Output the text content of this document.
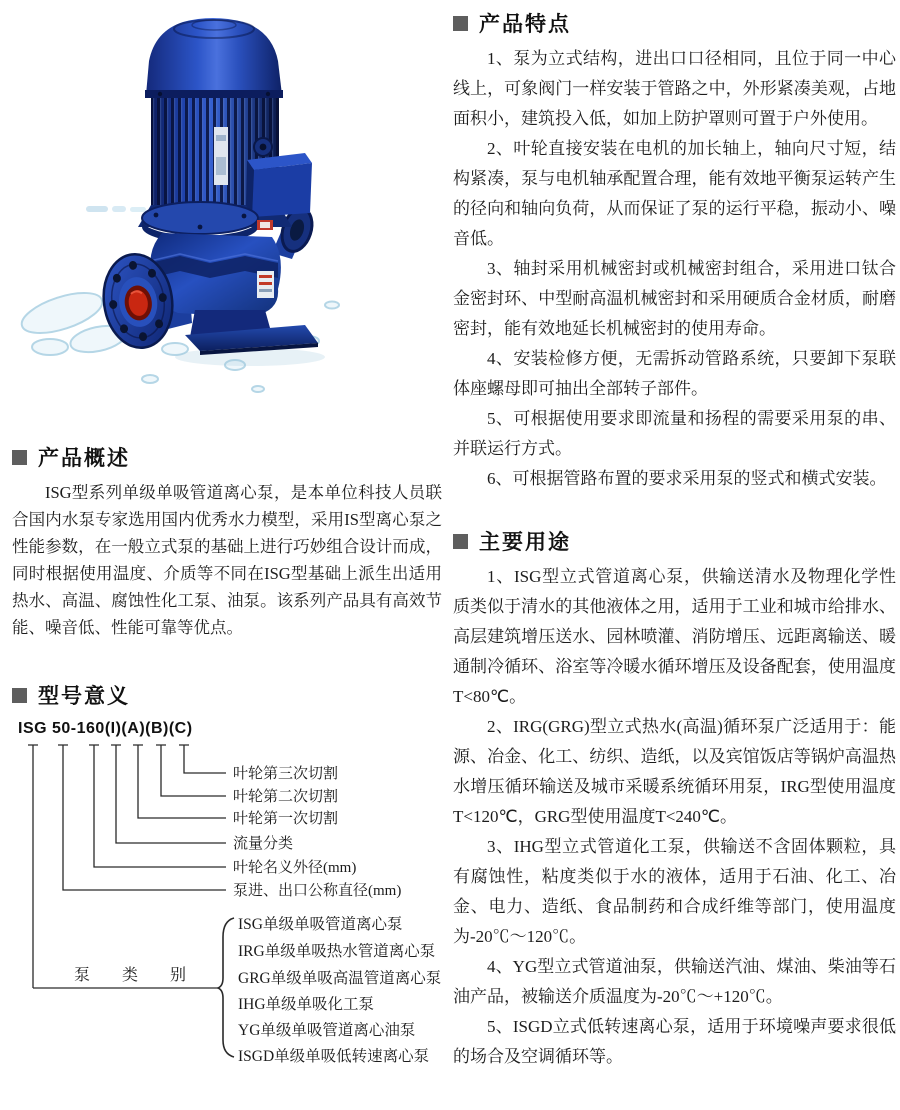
产品概述

ISG型系列单级单吸管道离心泵，是本单位科技人员联合国内水泵专家选用国内优秀水力模型，采用IS型离心泵之性能参数，在一般立式泵的基础上进行巧妙组合设计而成，同时根据使用温度、介质等不同在ISG型基础上派生出适用热水、高温、腐蚀性化工泵、油泵。该系列产品具有高效节能、噪音低、性能可靠等优点。

型号意义
ISG 50-160(I)(A)(B)(C)
叶轮第三次切割
叶轮第二次切割
叶轮第一次切割
流量分类
叶轮名义外径(mm)
泵进、出口公称直径(mm)
泵 类 别
ISG单级单吸管道离心泵
IRG单级单吸热水管道离心泵
GRG单级单吸高温管道离心泵
IHG单级单吸化工泵
YG单级单吸管道离心油泵
ISGD单级单吸低转速离心泵
产品特点

1、泵为立式结构，进出口口径相同，且位于同一中心线上，可象阀门一样安装于管路之中，外形紧凑美观，占地面积小，建筑投入低，如加上防护罩则可置于户外使用。

2、叶轮直接安装在电机的加长轴上，轴向尺寸短，结构紧凑，泵与电机轴承配置合理，能有效地平衡泵运转产生的径向和轴向负荷，从而保证了泵的运行平稳，振动小、噪音低。

3、轴封采用机械密封或机械密封组合，采用进口钛合金密封环、中型耐高温机械密封和采用硬质合金材质，耐磨密封，能有效地延长机械密封的使用寿命。

4、安装检修方便，无需拆动管路系统，只要卸下泵联体座螺母即可抽出全部转子部件。

5、可根据使用要求即流量和扬程的需要采用泵的串、并联运行方式。

6、可根据管路布置的要求采用泵的竖式和横式安装。

主要用途

1、ISG型立式管道离心泵，供输送清水及物理化学性质类似于清水的其他液体之用，适用于工业和城市给排水、高层建筑增压送水、园林喷灌、消防增压、远距离输送、暖通制冷循环、浴室等冷暖水循环增压及设备配套，使用温度T<80℃。

2、IRG(GRG)型立式热水(高温)循环泵广泛适用于：能源、冶金、化工、纺织、造纸，以及宾馆饭店等锅炉高温热水增压循环输送及城市采暖系统循环用泵，IRG型使用温度T<120℃，GRG型使用温度T<240℃。

3、IHG型立式管道化工泵，供输送不含固体颗粒，具有腐蚀性，粘度类似于水的液体，适用于石油、化工、冶金、电力、造纸、食品制药和合成纤维等部门，使用温度为-20℃～120℃。

4、YG型立式管道油泵，供输送汽油、煤油、柴油等石油产品，被输送介质温度为-20℃～+120℃。

5、ISGD立式低转速离心泵，适用于环境噪声要求很低的场合及空调循环等。
